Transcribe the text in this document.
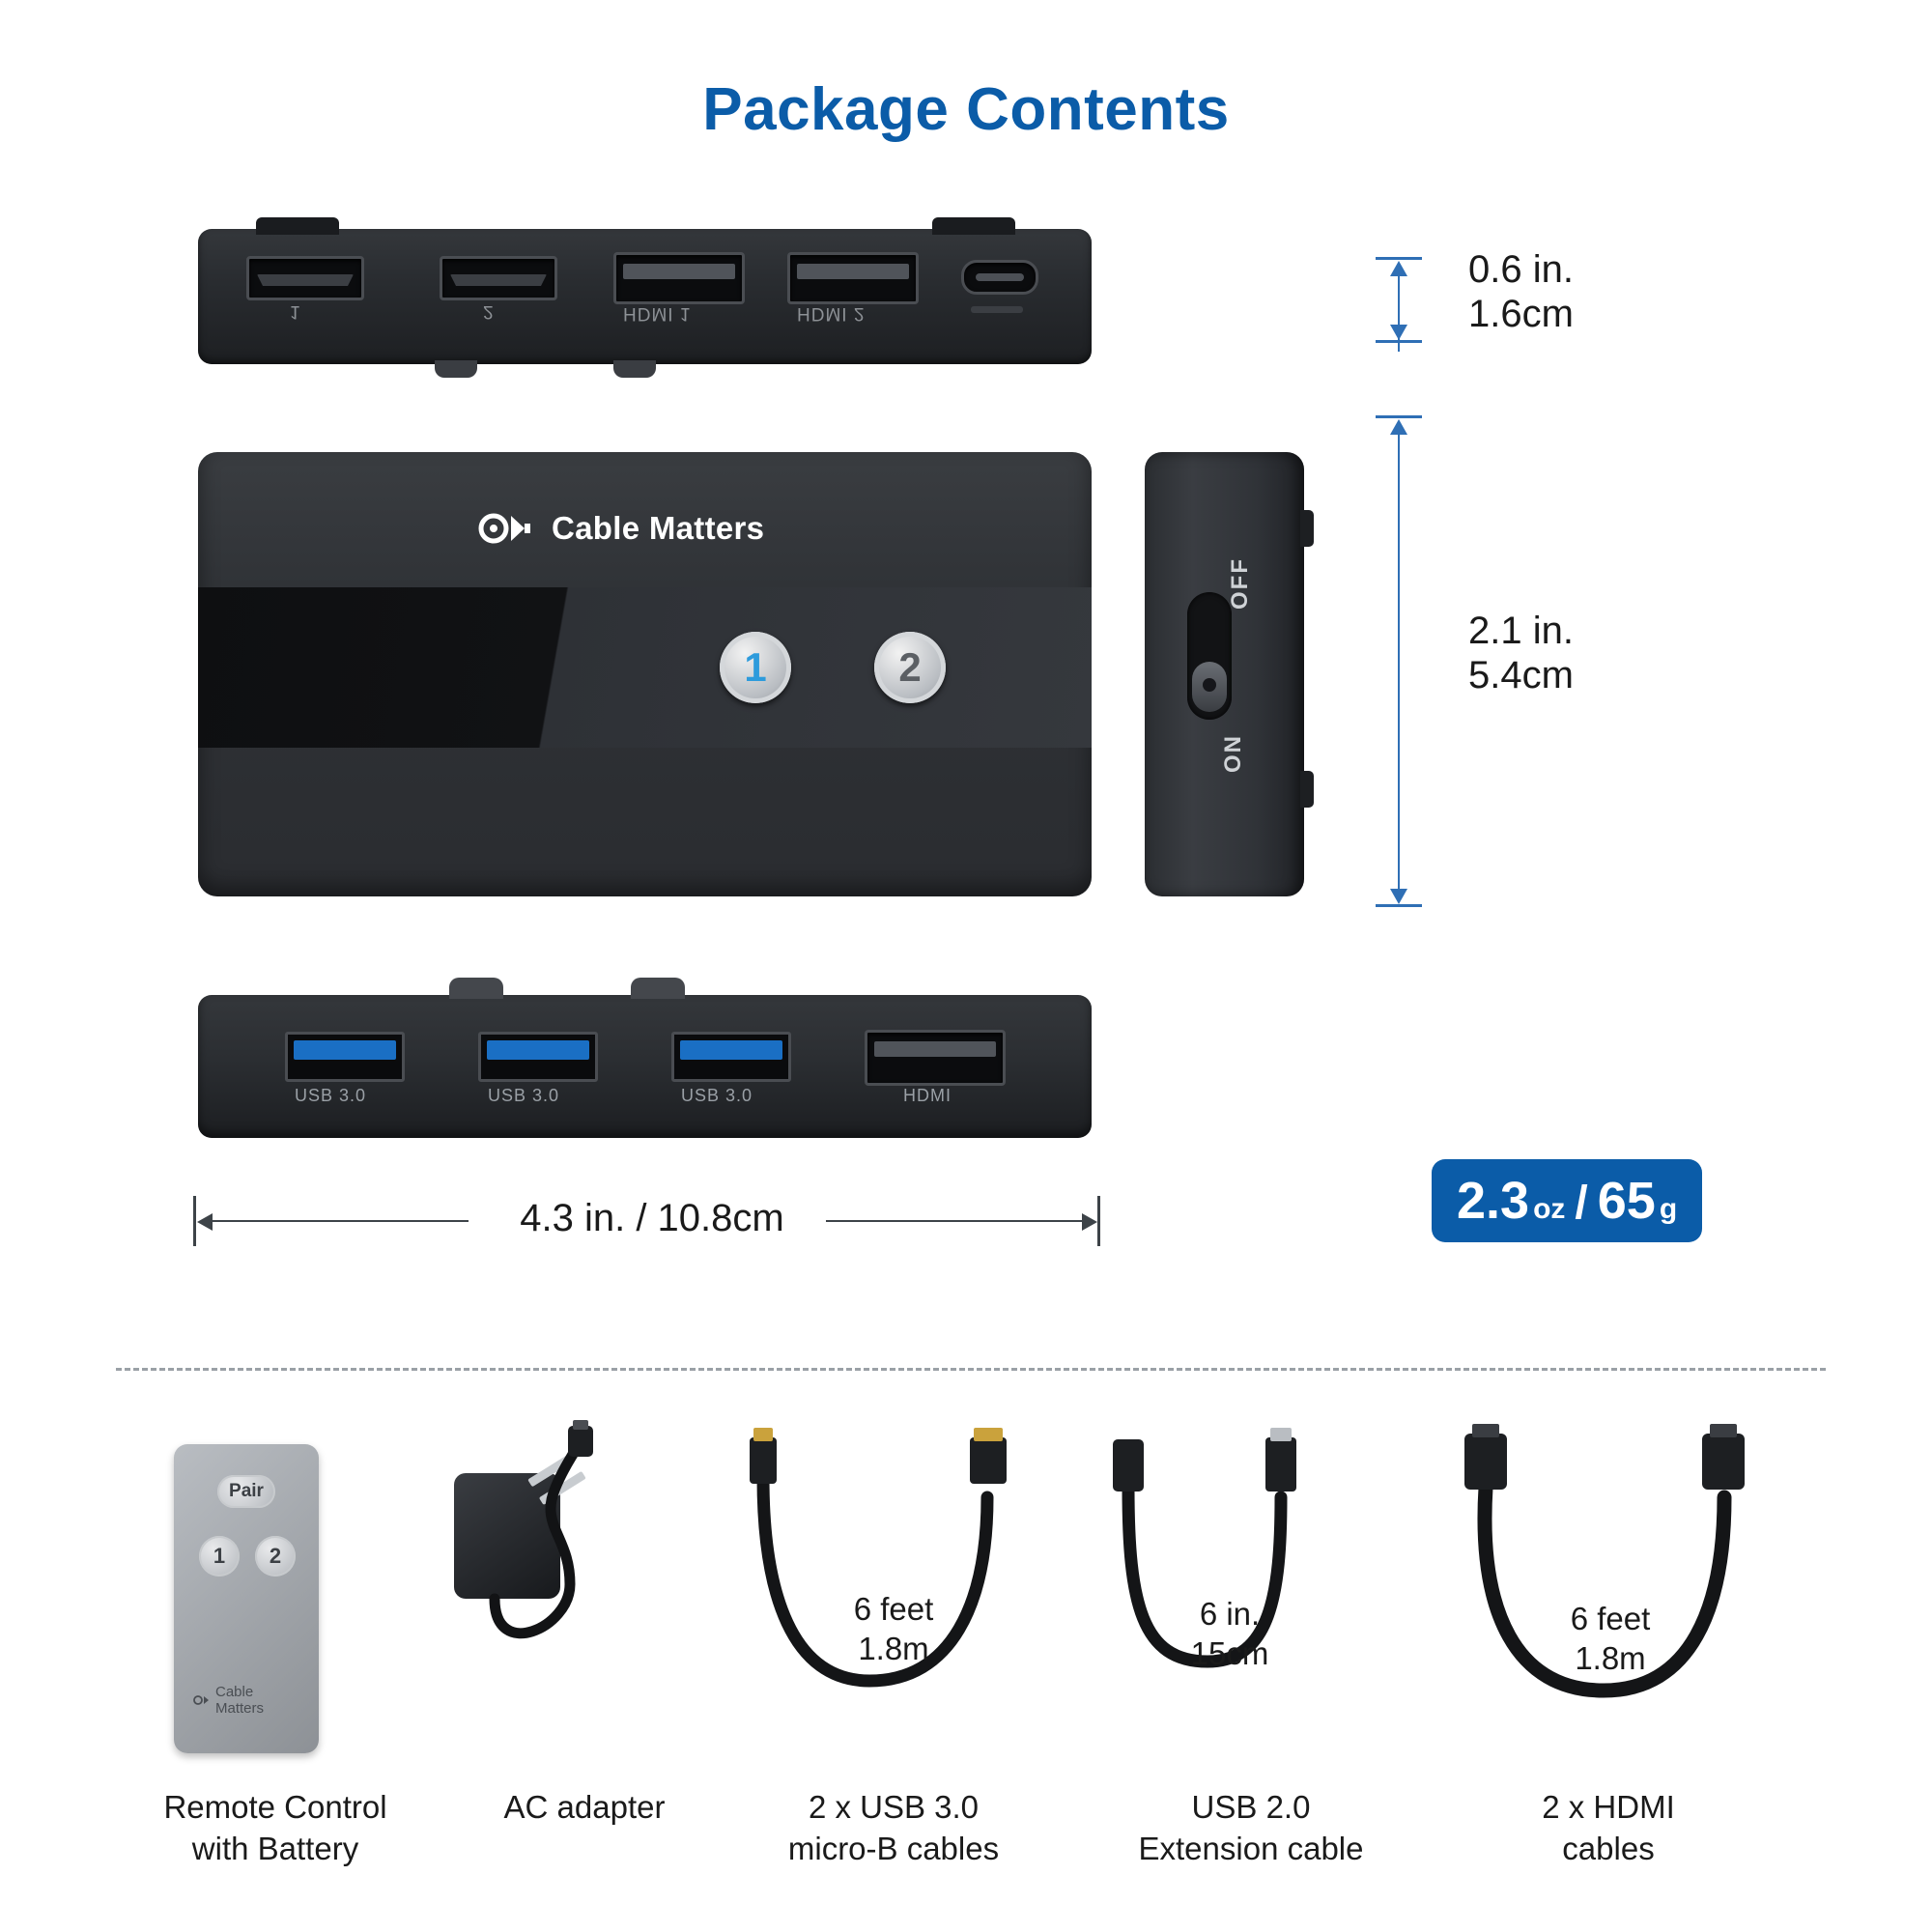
Package Contents
1	2	HDMI 1	HDMI 2
Cable Matters
1	2
OFF
ON
USB 3.0	USB 3.0	USB 3.0	HDMI
0.6 in.
1.6cm
2.1 in.
5.4cm
4.3 in. / 10.8cm	2.3 oz / 65 g
Pair
1	2
Cable Matters
Remote Control
with Battery
AC adapter
6 feet
1.8m
2 x USB 3.0
micro-B cables
6 in.
15cm
USB 2.0
Extension cable
6 feet
1.8m
2 x HDMI
cables
